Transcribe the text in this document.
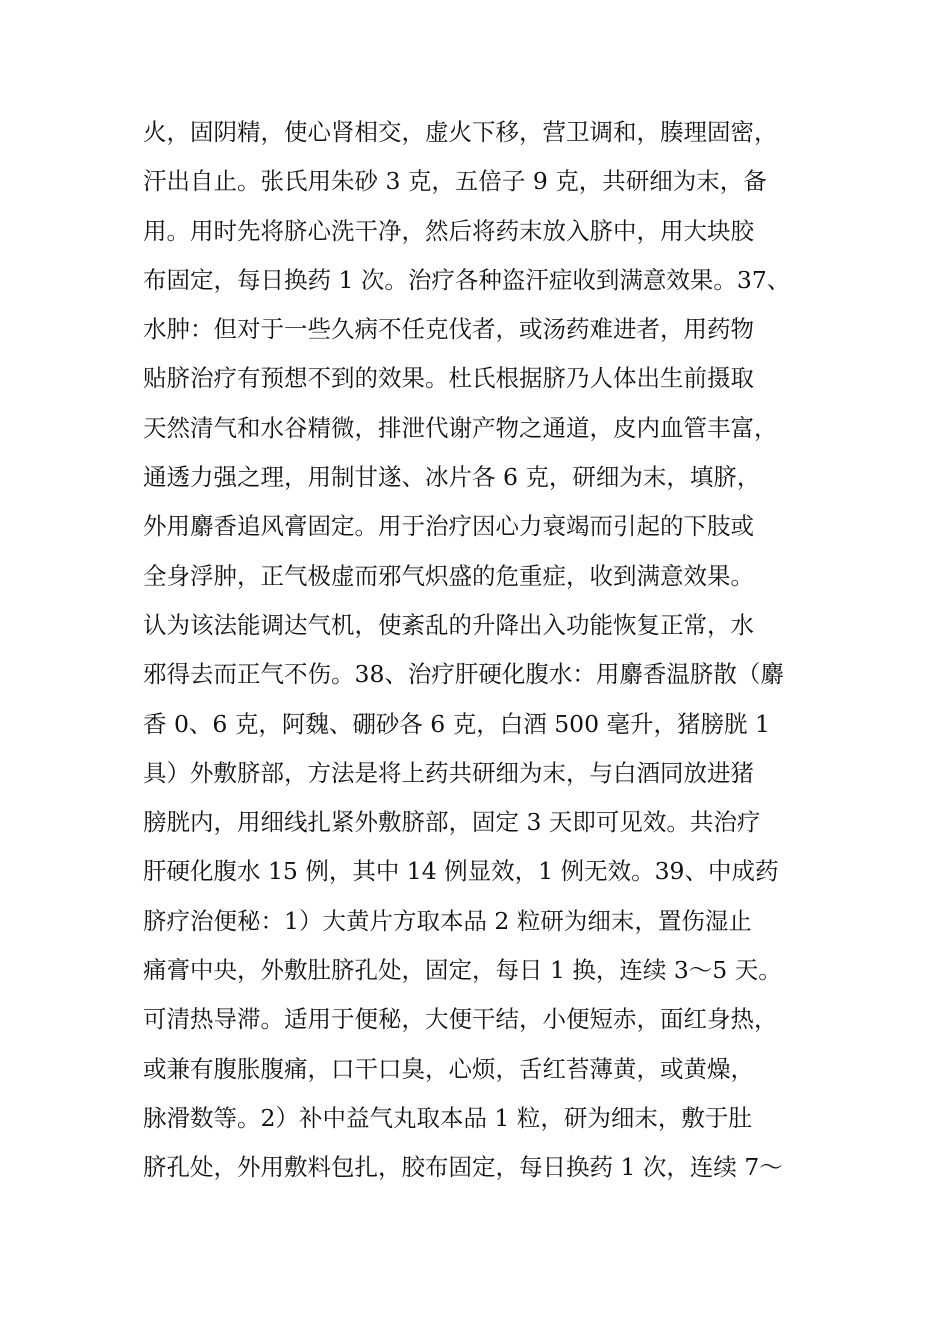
火，固阴精，使心肾相交，虚火下移，营卫调和，腠理固密，
汗出自止。张氏用朱砂 3 克，五倍子 9 克，共研细为末，备
用。用时先将脐心洗干净，然后将药末放入脐中，用大块胶
布固定，每日换药 1 次。治疗各种盗汗症收到满意效果。37、
水肿：但对于一些久病不任克伐者，或汤药难进者，用药物
贴脐治疗有预想不到的效果。杜氏根据脐乃人体出生前摄取
天然清气和水谷精微，排泄代谢产物之通道，皮内血管丰富，
通透力强之理，用制甘遂、冰片各 6 克，研细为末，填脐，
外用麝香追风膏固定。用于治疗因心力衰竭而引起的下肢或
全身浮肿，正气极虚而邪气炽盛的危重症，收到满意效果。
认为该法能调达气机，使紊乱的升降出入功能恢复正常，水
邪得去而正气不伤。38、治疗肝硬化腹水：用麝香温脐散（麝
香 0、6 克，阿魏、硼砂各 6 克，白酒 500 毫升，猪膀胱 1
具）外敷脐部，方法是将上药共研细为末，与白酒同放进猪
膀胱内，用细线扎紧外敷脐部，固定 3 天即可见效。共治疗
肝硬化腹水 15 例，其中 14 例显效，1 例无效。39、中成药
脐疗治便秘：1）大黄片方取本品 2 粒研为细末，置伤湿止
痛膏中央，外敷肚脐孔处，固定，每日 1 换，连续 3～5 天。
可清热导滞。适用于便秘，大便干结，小便短赤，面红身热，
或兼有腹胀腹痛，口干口臭，心烦，舌红苔薄黄，或黄燥，
脉滑数等。2）补中益气丸取本品 1 粒，研为细末，敷于肚
脐孔处，外用敷料包扎，胶布固定，每日换药 1 次，连续 7～
